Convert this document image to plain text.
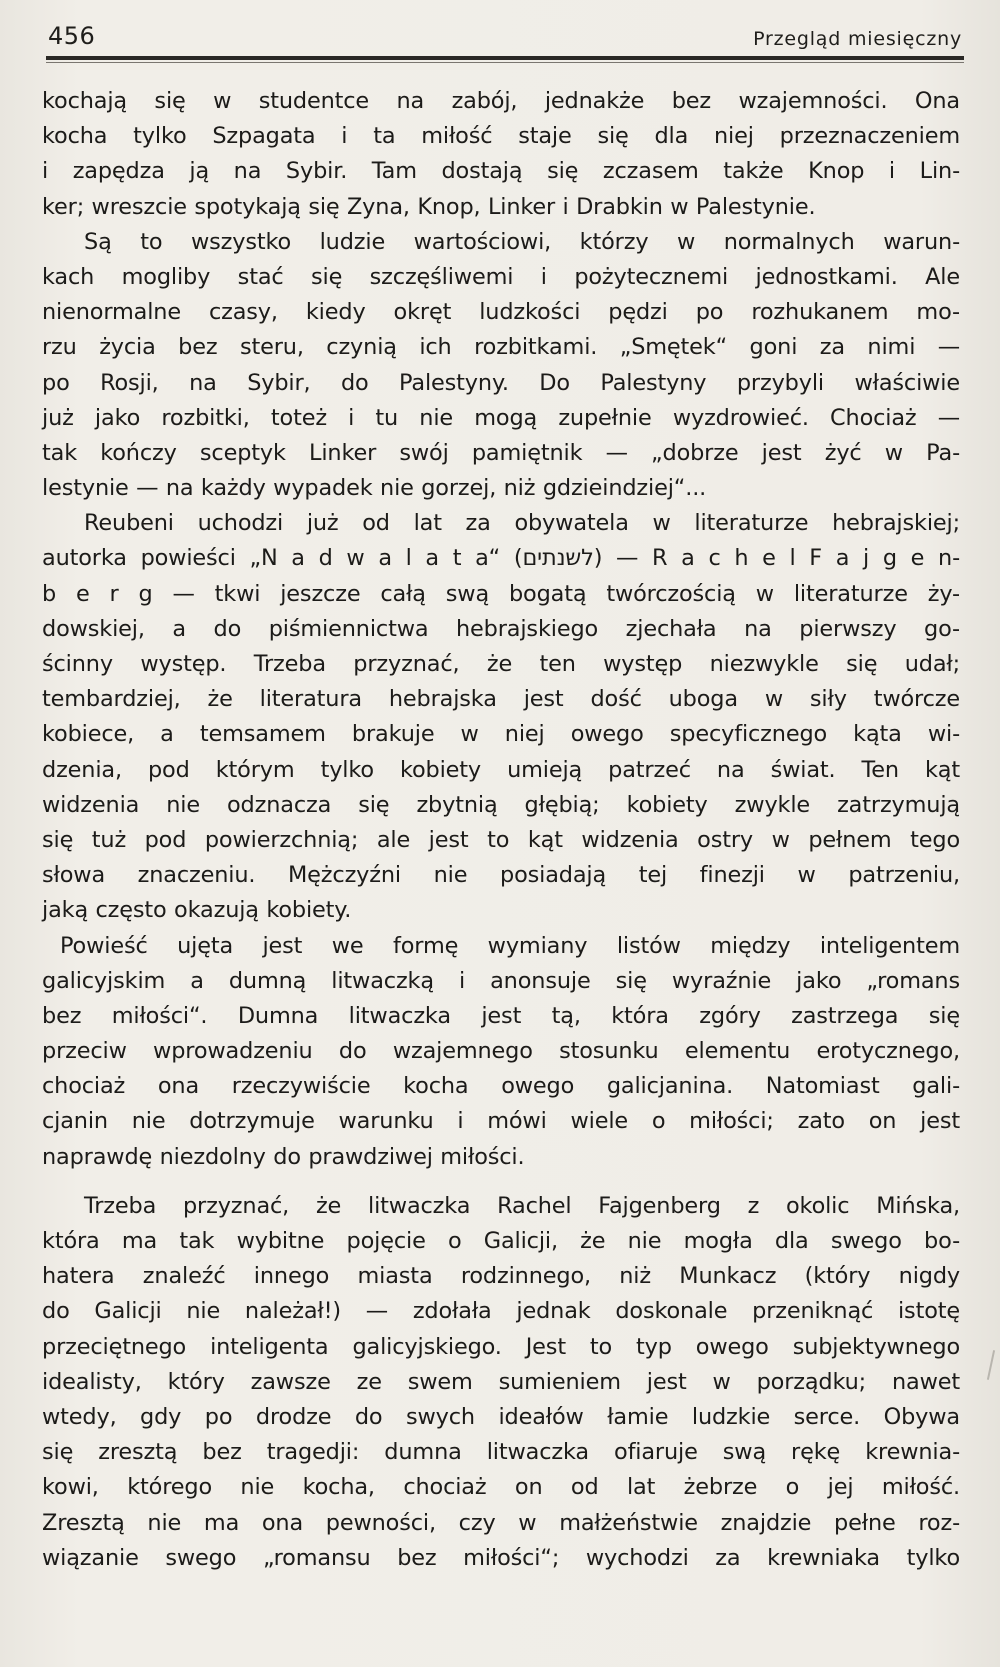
456	Przegląd miesięczny
kochają się w studentce na zabój, jednakże bez wzajemności. Ona
kocha tylko Szpagata i ta miłość staje się dla niej przeznaczeniem
i zapędza ją na Sybir. Tam dostają się zczasem także Knop i Lin-
ker; wreszcie spotykają się Zyna, Knop, Linker i Drabkin w Palestynie.
Są to wszystko ludzie wartościowi, którzy w normalnych warun-
kach mogliby stać się szczęśliwemi i pożytecznemi jednostkami. Ale
nienormalne czasy, kiedy okręt ludzkości pędzi po rozhukanem mo-
rzu życia bez steru, czynią ich rozbitkami. „Smętek“ goni za nimi —
po Rosji, na Sybir, do Palestyny. Do Palestyny przybyli właściwie
już jako rozbitki, toteż i tu nie mogą zupełnie wyzdrowieć. Chociaż —
tak kończy sceptyk Linker swój pamiętnik — „dobrze jest żyć w Pa-
lestynie — na każdy wypadek nie gorzej, niż gdzieindziej“...
Reubeni uchodzi już od lat za obywatela w literaturze hebrajskiej;
autorka powieści „N a d w a l a t a“ (לשנתים) — R a c h e l F a j g e n-
b e r g — tkwi jeszcze całą swą bogatą twórczością w literaturze ży-
dowskiej, a do piśmiennictwa hebrajskiego zjechała na pierwszy go-
ścinny występ. Trzeba przyznać, że ten występ niezwykle się udał;
tembardziej, że literatura hebrajska jest dość uboga w siły twórcze
kobiece, a temsamem brakuje w niej owego specyficznego kąta wi-
dzenia, pod którym tylko kobiety umieją patrzeć na świat. Ten kąt
widzenia nie odznacza się zbytnią głębią; kobiety zwykle zatrzymują
się tuż pod powierzchnią; ale jest to kąt widzenia ostry w pełnem tego
słowa znaczeniu. Mężczyźni nie posiadają tej finezji w patrzeniu,
jaką często okazują kobiety.
Powieść ujęta jest we formę wymiany listów między inteligentem
galicyjskim a dumną litwaczką i anonsuje się wyraźnie jako „romans
bez miłości“. Dumna litwaczka jest tą, która zgóry zastrzega się
przeciw wprowadzeniu do wzajemnego stosunku elementu erotycznego,
chociaż ona rzeczywiście kocha owego galicjanina. Natomiast gali-
cjanin nie dotrzymuje warunku i mówi wiele o miłości; zato on jest
naprawdę niezdolny do prawdziwej miłości.
Trzeba przyznać, że litwaczka Rachel Fajgenberg z okolic Mińska,
która ma tak wybitne pojęcie o Galicji, że nie mogła dla swego bo-
hatera znaleźć innego miasta rodzinnego, niż Munkacz (który nigdy
do Galicji nie należał!) — zdołała jednak doskonale przeniknąć istotę
przeciętnego inteligenta galicyjskiego. Jest to typ owego subjektywnego
idealisty, który zawsze ze swem sumieniem jest w porządku; nawet
wtedy, gdy po drodze do swych ideałów łamie ludzkie serce. Obywa
się zresztą bez tragedji: dumna litwaczka ofiaruje swą rękę krewnia-
kowi, którego nie kocha, chociaż on od lat żebrze o jej miłość.
Zresztą nie ma ona pewności, czy w małżeństwie znajdzie pełne roz-
wiązanie swego „romansu bez miłości“; wychodzi za krewniaka tylko
